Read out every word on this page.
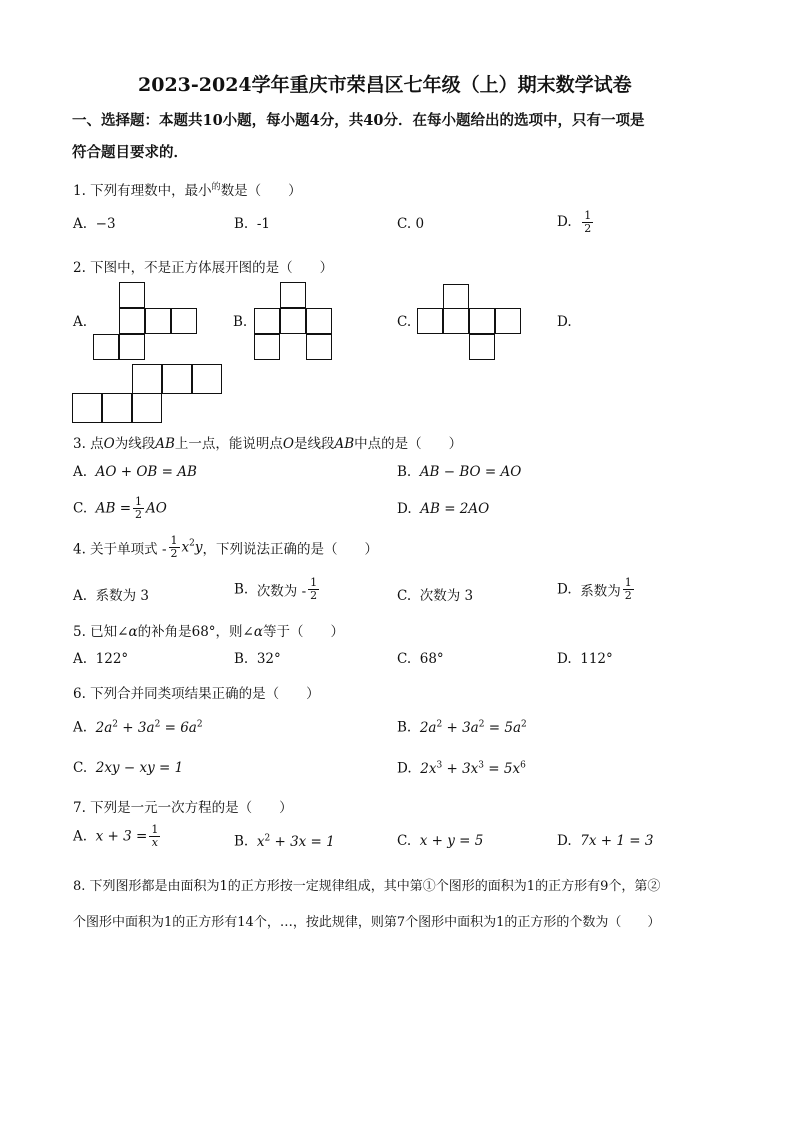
2023-2024学年重庆市荣昌区七年级（上）期末数学试卷
一、选择题：本题共10小题，每小题4分，共40分．在每小题给出的选项中，只有一项是
符合题目要求的．
1. 下列有理数中，最小$^的$数是（　　）
A. −3	B. -1	C. 0	D. $\frac{1}{2}$
2. 下图中，不是正方体展开图的是（　　）
A.	B.	C.	D.
3. 点O为线段AB上一点，能说明点O是线段AB中点的是（　　）
A. AO + OB = AB	B. AB − BO = AO
C. AB = $\frac{1}{2}$ AO	D. AB = 2AO
4. 关于单项式 - $\frac{1}{2} x^2y$，下列说法正确的是（　　）
A. 系数为 3	B. 次数为 - $\frac{1}{2}$	C. 次数为 3	D. 系数为 $\frac{1}{2}$
5. 已知∠α的补角是68°，则∠α等于（　　）
A. 122°	B. 32°	C. 68°	D. 112°
6. 下列合并同类项结果正确的是（　　）
A. $2a^2 + 3a^2 = 6a^2$	B. $2a^2 + 3a^2 = 5a^2$
C. 2xy − xy = 1	D. $2x^3 + 3x^3 = 5x^6$
7. 下列是一元一次方程的是（　　）
A. $x + 3 = \frac{1}{x}$	B. $x^2 + 3x = 1$	C. x + y = 5	D. 7x + 1 = 3
8. 下列图形都是由面积为1的正方形按一定规律组成，其中第①个图形的面积为1的正方形有9个，第②
个图形中面积为1的正方形有14个，…，按此规律，则第7个图形中面积为1的正方形的个数为（　　）
